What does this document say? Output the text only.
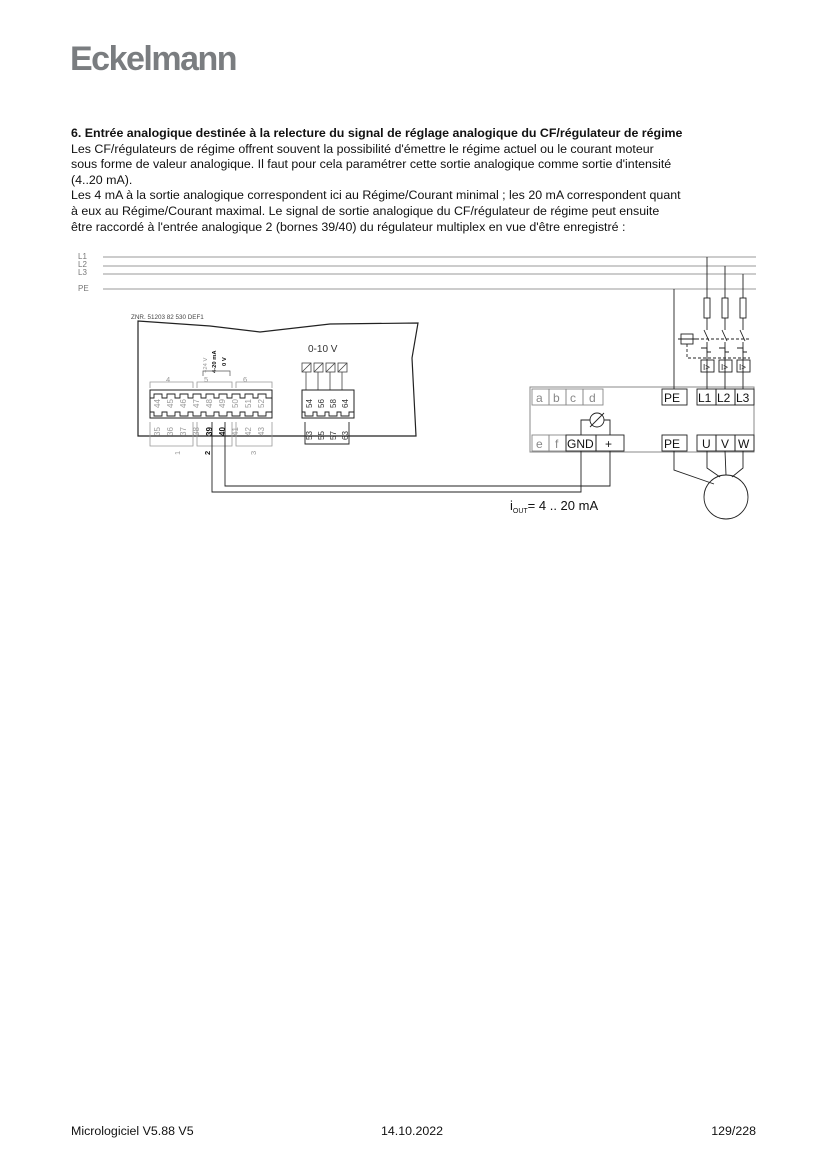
Eckelmann

6. Entrée analogique destinée à la relecture du signal de réglage analogique du CF/régulateur de régime

Les CF/régulateurs de régime offrent souvent la possibilité d'émettre le régime actuel ou le courant moteur

sous forme de valeur analogique. Il faut pour cela paramétrer cette sortie analogique comme sortie d'intensité

(4..20 mA).

Les 4 mA à la sortie analogique correspondent ici au Régime/Courant minimal ; les 20 mA correspondent quant

à eux au Régime/Courant maximal. Le signal de sortie analogique du CF/régulateur de régime peut ensuite

être raccordé à l'entrée analogique 2 (bornes 39/40) du régulateur multiplex en vue d'être enregistré :

L1
L2
L3
PE
ZNR. 51203 82 530 DEF1
4	5	6
44 45 46 47 48 49 50 51 52
35 36 37 38 39 40 41 42 43
1	2	3
+24 V 4-20 mA 0 V
0-10 V
54 56 58 64
53 55 57 63
a b c d
e f GND +
PE L1 L2 L3
PE U V W
$i_{OUT}= 4$ .. 20 mA
I> I> I>
Micrologiciel V5.88 V5	14.10.2022	129/228
